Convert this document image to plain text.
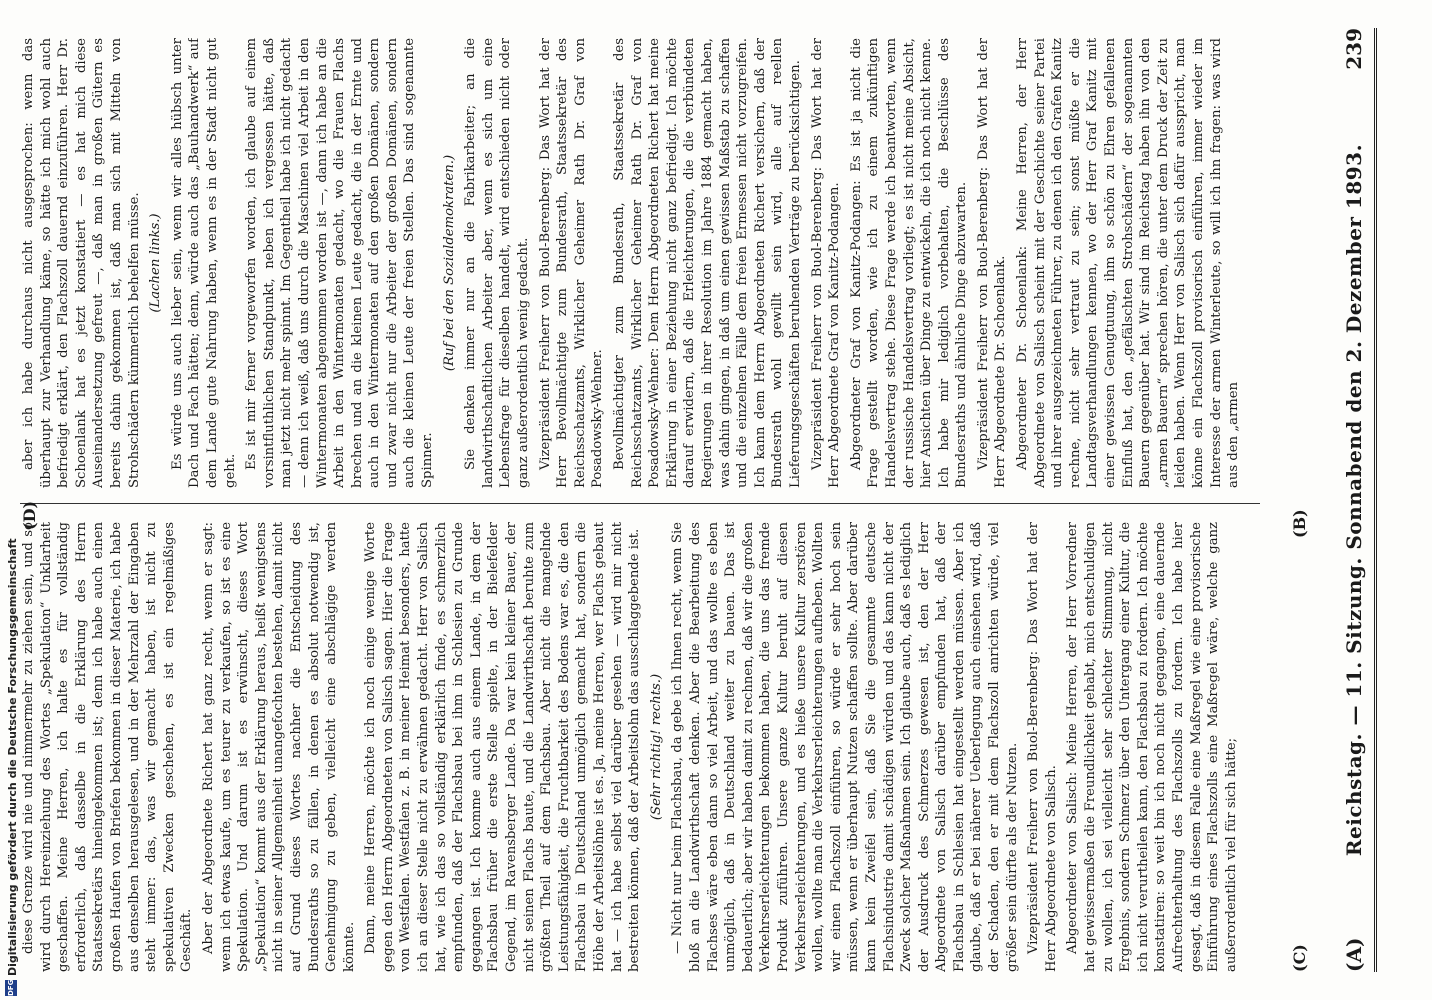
(A)
Reichstag. — 11. Sitzung. Sonnabend den 2. Dezember 1893.
239
(C)

diese Grenze wird nie und nimmermehr zu ziehen sein, und so wird durch Hereinziehung des Wortes „Spekulation“ Unklarheit geschaffen. Meine Herren, ich halte es für vollständig erforderlich, daß dasselbe in die Erklärung des Herrn Staatssekretärs hineingekommen ist; denn ich habe auch einen großen Haufen von Briefen bekommen in dieser Materie, ich habe aus denselben herausgelesen, und in der Mehrzahl der Eingaben steht immer: das, was wir gemacht haben, ist nicht zu spekulativen Zwecken geschehen, es ist ein regelmäßiges Geschäft. Aber der Abgeordnete Richert hat ganz recht, wenn er sagt: wenn ich etwas kaufe, um es teurer zu verkaufen, so ist es eine Spekulation. Und darum ist es erwünscht, dieses Wort „Spekulation“ kommt aus der Erklärung heraus, heißt wenigstens nicht in seiner Allgemeinheit unangefochten bestehen, damit nicht auf Grund dieses Wortes nachher die Entscheidung des Bundesraths so zu fällen, in denen es absolut notwendig ist, Genehmigung zu geben, vielleicht eine abschlägige werden könnte. Dann, meine Herren, möchte ich noch einige wenige Worte gegen den Herrn Abgeordneten von Salisch sagen. Hier die Frage von Westfalen. Westfalen z. B. in meiner Heimat besonders, hatte ich an dieser Stelle nicht zu erwähnen gedacht. Herr von Salisch hat, wie ich das so vollständig erklärlich finde, es schmerzlich empfunden, daß der Flachsbau bei ihm in Schlesien zu Grunde gegangen ist. Ich komme auch aus einem Lande, in dem der Flachsbau früher die erste Stelle spielte, in der Bielefelder Gegend, im Ravensberger Lande. Da war kein kleiner Bauer, der nicht seinen Flachs baute, und die Landwirthschaft beruhte zum größten Theil auf dem Flachsbau. Aber nicht die mangelnde Leistungsfähigkeit, die Fruchtbarkeit des Bodens war es, die den Flachsbau in Deutschland unmöglich gemacht hat, sondern die Höhe der Arbeitslöhne ist es. Ja, meine Herren, wer Flachs gebaut hat — ich habe selbst viel darüber gesehen — wird mir nicht bestreiten können, daß der Arbeitslohn das ausschlaggebende ist. (Sehr richtig! rechts.) — Nicht nur beim Flachsbau, da gebe ich Ihnen recht, wenn Sie bloß an die Landwirthschaft denken. Aber die Bearbeitung des Flachses wäre eben dann so viel Arbeit, und das wollte es eben unmöglich, daß in Deutschland weiter zu bauen. Das ist bedauerlich; aber wir haben damit zu rechnen, daß wir die großen Verkehrserleichterungen bekommen haben, die uns das fremde Produkt zuführen. Unsere ganze Kultur beruht auf diesen Verkehrserleichterungen, und es hieße unsere Kultur zerstören wollen, wollte man die Verkehrserleichterungen aufheben. Wollten wir einen Flachszoll einführen, so würde er sehr hoch sein müssen, wenn er überhaupt Nutzen schaffen sollte. Aber darüber kann kein Zweifel sein, daß Sie die gesammte deutsche Flachsindustrie damit schädigen würden und das kann nicht der Zweck solcher Maßnahmen sein. Ich glaube auch, daß es lediglich der Ausdruck des Schmerzes gewesen ist, den der Herr Abgeordnete von Salisch darüber empfunden hat, daß der Flachsbau in Schlesien hat eingestellt werden müssen. Aber ich glaube, daß er bei näherer Ueberlegung auch einsehen wird, daß der Schaden, den er mit dem Flachszoll anrichten würde, viel größer sein dürfte als der Nutzen. Vizepräsident Freiherr von Buol-Berenberg: Das Wort hat der Herr Abgeordnete von Salisch. Abgeordneter von Salisch: Meine Herren, der Herr Vorredner hat gewissermaßen die Freundlichkeit gehabt, mich entschuldigen zu wollen, ich sei vielleicht sehr schlechter Stimmung, nicht Ergebnis, sondern Schmerz über den Untergang einer Kultur, die ich nicht verurtheilen kann, den Flachsbau zu fordern. Ich möchte konstatiren: so weit bin ich noch nicht gegangen, eine dauernde Aufrechterhaltung des Flachszolls zu fordern. Ich habe hier gesagt, daß in diesem Falle eine Maßregel wie eine provisorische Einführung eines Flachszolls eine Maßregel wäre, welche ganz außerordentlich viel für sich hätte;

aber ich habe durchaus nicht ausgesprochen: wenn das überhaupt zur Verhandlung käme, so hätte ich mich wohl auch befriedigt erklärt, den Flachszoll dauernd einzuführen. Herr Dr. Schoenlank hat es jetzt konstatiert — es hat mich diese Auseinandersetzung gefreut —, daß man in großen Gütern es bereits dahin gekommen ist, daß man sich mit Mitteln von Strohschädern kümmerlich behelfen müsse. (Lachen links.) Es würde uns auch lieber sein, wenn wir alles hübsch unter Dach und Fach hätten; denn, würde auch das „Bauhandwerk“ auf dem Lande gute Nahrung haben, wenn es in der Stadt nicht gut geht.

Es ist mir ferner vorgeworfen worden, ich glaube auf einem vorsintfluthlichen Standpunkt, neben ich vergessen hätte, daß man jetzt nicht mehr spinnt. Im Gegentheil habe ich nicht gedacht — denn ich weiß, daß uns durch die Maschinen viel Arbeit in den Wintermonaten abgenommen worden ist —, dann ich habe an die Arbeit in den Wintermonaten gedacht, wo die Frauen Flachs brechen und an die kleinen Leute gedacht, die in der Ernte und auch in den Wintermonaten auf den großen Domänen, sondern und zwar nicht nur die Arbeiter der großen Domänen, sondern auch die kleinen Leute der freien Stellen. Das sind sogenannte Spinner.

(Ruf bei den Sozialdemokraten.) Sie denken immer nur an die Fabrikarbeiter; an die landwirthschaftlichen Arbeiter aber, wenn es sich um eine Lebensfrage für dieselben handelt, wird entschieden nicht oder ganz außerordentlich wenig gedacht. Vizepräsident Freiherr von Buol-Berenberg: Das Wort hat der Herr Bevollmächtigte zum Bundesrath, Staatssekretär des Reichsschatzamts, Wirklicher Geheimer Rath Dr. Graf von Posadowsky-Wehner. Bevollmächtigter zum Bundesrath, Staatssekretär des Reichsschatzamts, Wirklicher Geheimer Rath Dr. Graf von Posadowsky-Wehner: Dem Herrn Abgeordneten Richert hat meine Erklärung in einer Beziehung nicht ganz befriedigt. Ich möchte darauf erwidern, daß die Erleichterungen, die die verbündeten Regierungen in ihrer Resolution im Jahre 1884 gemacht haben, was dahin gingen, in daß um einen gewissen Maßstab zu schaffen und die einzelnen Fälle dem freien Ermessen nicht vorzugreifen. Ich kann dem Herrn Abgeordneten Richert versichern, daß der Bundesrath wohl gewillt sein wird, alle auf reellen Lieferungsgeschäften beruhenden Verträge zu berücksichtigen. Vizepräsident Freiherr von Buol-Berenberg: Das Wort hat der Herr Abgeordnete Graf von Kanitz-Podangen. Abgeordneter Graf von Kanitz-Podangen: Es ist ja nicht die Frage gestellt worden, wie ich zu einem zukünftigen Handelsvertrag stehe. Diese Frage werde ich beantworten, wenn der russische Handelsvertrag vorliegt; es ist nicht meine Absicht, hier Ansichten über Dinge zu entwickeln, die ich noch nicht kenne. Ich habe mir lediglich vorbehalten, die Beschlüsse des Bundesraths und ähnliche Dinge abzuwarten. Vizepräsident Freiherr von Buol-Berenberg: Das Wort hat der Herr Abgeordnete Dr. Schoenlank. Abgeordneter Dr. Schoenlank: Meine Herren, der Herr Abgeordnete von Salisch scheint mit der Geschichte seiner Partei und ihrer ausgezeichneten Führer, zu denen ich den Grafen Kanitz rechne, nicht sehr vertraut zu sein; sonst müßte er die Landtagsverhandlungen kennen, wo der Herr Graf Kanitz mit einer gewissen Genugtuung, ihm so schön zu Ehren gefallenen Einfluß hat, den „gefälschten Strohschädern“ der sogenannten Bauern gegenüber hat. Wir sind im Reichstag haben ihn von den „armen Bauern“ sprechen hören, die unter dem Druck der Zeit zu leiden haben. Wenn Herr von Salisch sich dafür ausspricht, man könne ein Flachszoll provisorisch einführen, immer wieder im Interesse der armen Winterleute, so will ich ihn fragen: was wird aus den „armen

(B)
(D)
DFG
Digitalisierung gefördert durch die Deutsche Forschungsgemeinschaft
